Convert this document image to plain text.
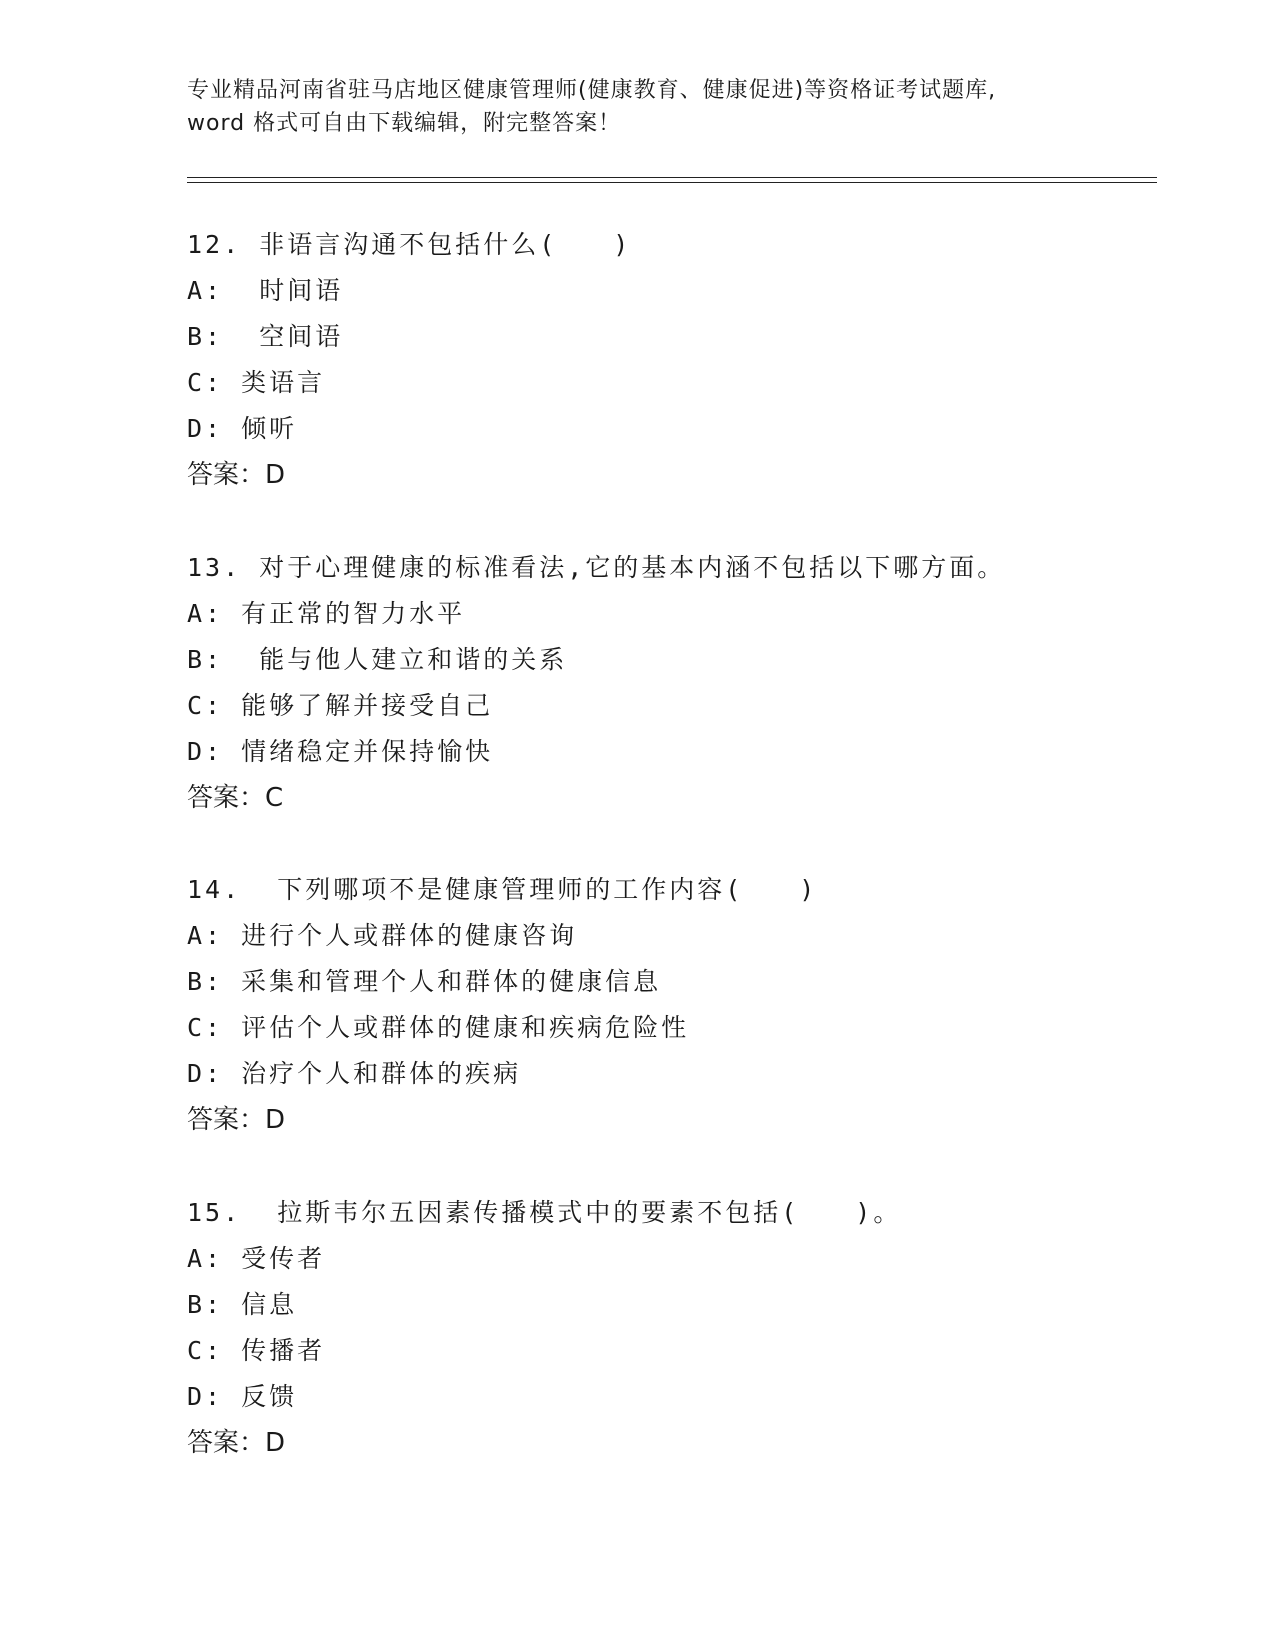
专业精品河南省驻马店地区健康管理师(健康教育、健康促进)等资格证考试题库,
word 格式可自由下载编辑，附完整答案！
12. 非语言沟通不包括什么(　　)
A:  时间语
B:  空间语
C: 类语言
D: 倾听
答案：D
13. 对于心理健康的标准看法,它的基本内涵不包括以下哪方面。
A: 有正常的智力水平
B:  能与他人建立和谐的关系
C: 能够了解并接受自己
D: 情绪稳定并保持愉快
答案：C
14.  下列哪项不是健康管理师的工作内容(　　)
A: 进行个人或群体的健康咨询
B: 采集和管理个人和群体的健康信息
C: 评估个人或群体的健康和疾病危险性
D: 治疗个人和群体的疾病
答案：D
15.  拉斯韦尔五因素传播模式中的要素不包括(　　)。
A: 受传者
B: 信息
C: 传播者
D: 反馈
答案：D
